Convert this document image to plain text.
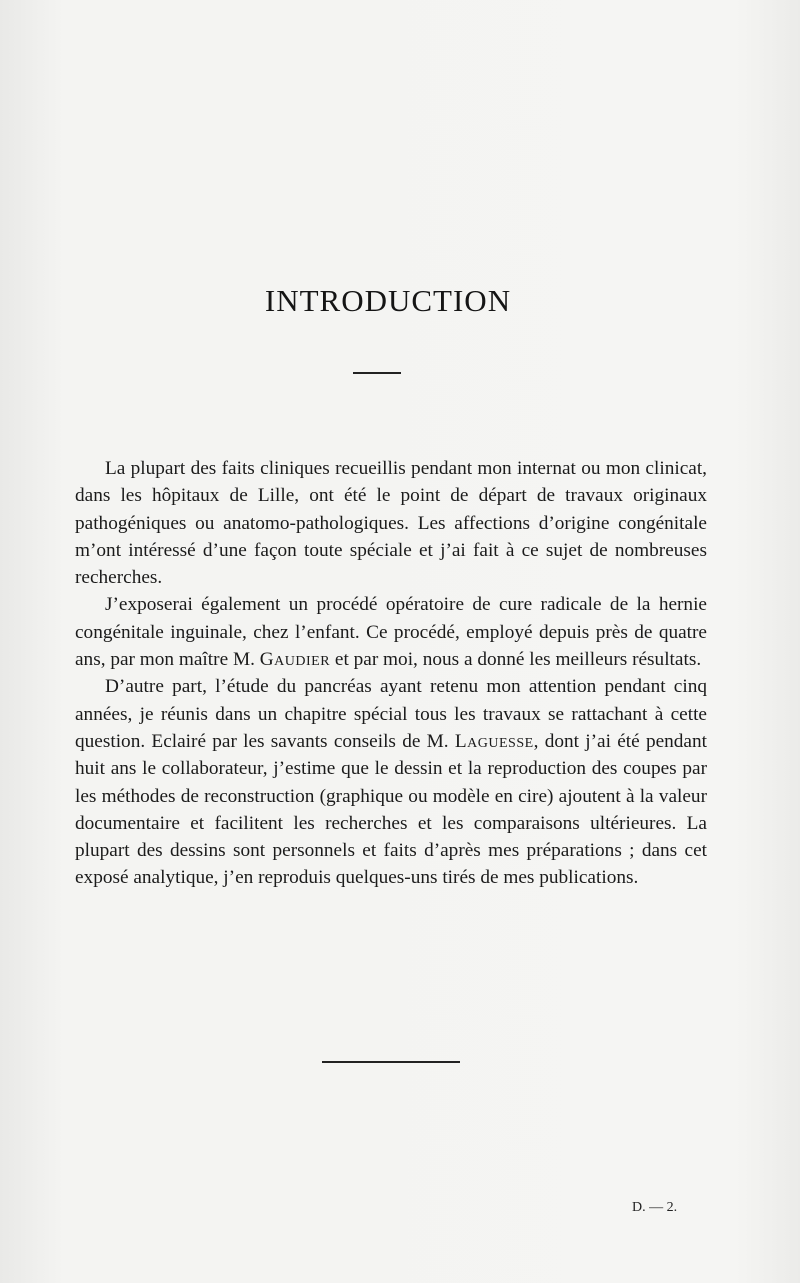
INTRODUCTION

La plupart des faits cliniques recueillis pendant mon internat ou mon clinicat, dans les hôpitaux de Lille, ont été le point de départ de travaux originaux pathogéniques ou anatomo-pathologiques. Les affections d’origine congénitale m’ont intéressé d’une façon toute spéciale et j’ai fait à ce sujet de nombreuses recherches.

J’exposerai également un procédé opératoire de cure radicale de la hernie congénitale inguinale, chez l’enfant. Ce procédé, employé depuis près de quatre ans, par mon maître M. Gaudier et par moi, nous a donné les meilleurs résultats.

D’autre part, l’étude du pancréas ayant retenu mon attention pendant cinq années, je réunis dans un chapitre spécial tous les travaux se rattachant à cette question. Eclairé par les savants conseils de M. Laguesse, dont j’ai été pendant huit ans le collaborateur, j’estime que le dessin et la reproduction des coupes par les méthodes de reconstruction (graphique ou modèle en cire) ajoutent à la valeur documentaire et facilitent les recherches et les comparaisons ultérieures. La plupart des dessins sont personnels et faits d’après mes préparations ; dans cet exposé analytique, j’en reproduis quelques-uns tirés de mes publications.

D. — 2.
